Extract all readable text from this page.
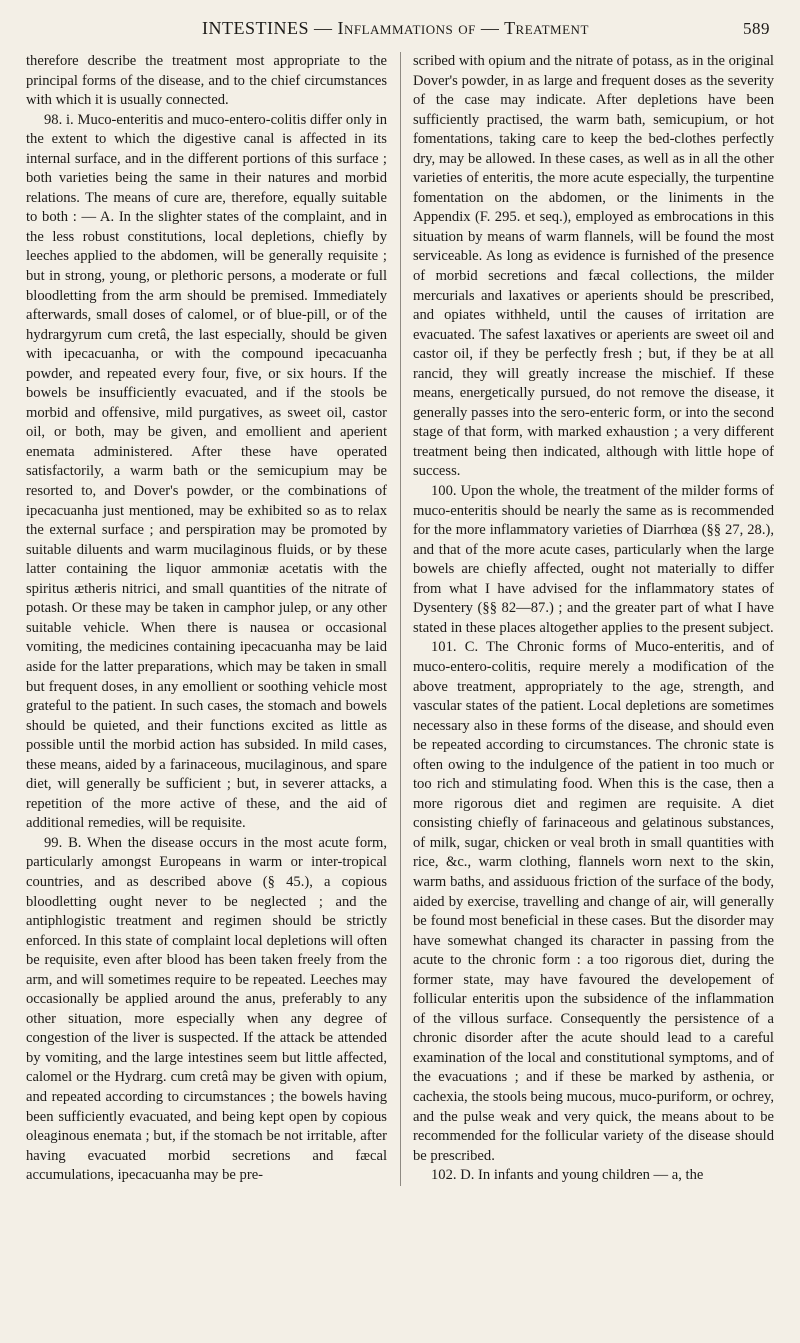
INTESTINES — Inflammations of — Treatment	589

therefore describe the treatment most appropriate to the principal forms of the disease, and to the chief circumstances with which it is usually connected.

98. i. Muco-enteritis and muco-entero-colitis differ only in the extent to which the digestive canal is affected in its internal surface, and in the different portions of this surface ; both varieties being the same in their natures and morbid relations. The means of cure are, therefore, equally suitable to both : — A. In the slighter states of the complaint, and in the less robust constitutions, local depletions, chiefly by leeches applied to the abdomen, will be generally requisite ; but in strong, young, or plethoric persons, a moderate or full bloodletting from the arm should be premised. Immediately afterwards, small doses of calomel, or of blue-pill, or of the hydrargyrum cum cretâ, the last especially, should be given with ipecacuanha, or with the compound ipecacuanha powder, and repeated every four, five, or six hours. If the bowels be insufficiently evacuated, and if the stools be morbid and offensive, mild purgatives, as sweet oil, castor oil, or both, may be given, and emollient and aperient enemata administered. After these have operated satisfactorily, a warm bath or the semicupium may be resorted to, and Dover's powder, or the combinations of ipecacuanha just mentioned, may be exhibited so as to relax the external surface ; and perspiration may be promoted by suitable diluents and warm mucilaginous fluids, or by these latter containing the liquor ammoniæ acetatis with the spiritus ætheris nitrici, and small quantities of the nitrate of potash. Or these may be taken in camphor julep, or any other suitable vehicle. When there is nausea or occasional vomiting, the medicines containing ipecacuanha may be laid aside for the latter preparations, which may be taken in small but frequent doses, in any emollient or soothing vehicle most grateful to the patient. In such cases, the stomach and bowels should be quieted, and their functions excited as little as possible until the morbid action has subsided. In mild cases, these means, aided by a farinaceous, mucilaginous, and spare diet, will generally be sufficient ; but, in severer attacks, a repetition of the more active of these, and the aid of additional remedies, will be requisite.

99. B. When the disease occurs in the most acute form, particularly amongst Europeans in warm or inter-tropical countries, and as described above (§ 45.), a copious bloodletting ought never to be neglected ; and the antiphlogistic treatment and regimen should be strictly enforced. In this state of complaint local depletions will often be requisite, even after blood has been taken freely from the arm, and will sometimes require to be repeated. Leeches may occasionally be applied around the anus, preferably to any other situation, more especially when any degree of congestion of the liver is suspected. If the attack be attended by vomiting, and the large intestines seem but little affected, calomel or the Hydrarg. cum cretâ may be given with opium, and repeated according to circumstances ; the bowels having been sufficiently evacuated, and being kept open by copious oleaginous enemata ; but, if the stomach be not irritable, after having evacuated morbid secretions and fæcal accumulations, ipecacuanha may be pre-

scribed with opium and the nitrate of potass, as in the original Dover's powder, in as large and frequent doses as the severity of the case may indicate. After depletions have been sufficiently practised, the warm bath, semicupium, or hot fomentations, taking care to keep the bed-clothes perfectly dry, may be allowed. In these cases, as well as in all the other varieties of enteritis, the more acute especially, the turpentine fomentation on the abdomen, or the liniments in the Appendix (F. 295. et seq.), employed as embrocations in this situation by means of warm flannels, will be found the most serviceable. As long as evidence is furnished of the presence of morbid secretions and fæcal collections, the milder mercurials and laxatives or aperients should be prescribed, and opiates withheld, until the causes of irritation are evacuated. The safest laxatives or aperients are sweet oil and castor oil, if they be perfectly fresh ; but, if they be at all rancid, they will greatly increase the mischief. If these means, energetically pursued, do not remove the disease, it generally passes into the sero-enteric form, or into the second stage of that form, with marked exhaustion ; a very different treatment being then indicated, although with little hope of success.

100. Upon the whole, the treatment of the milder forms of muco-enteritis should be nearly the same as is recommended for the more inflammatory varieties of Diarrhœa (§§ 27, 28.), and that of the more acute cases, particularly when the large bowels are chiefly affected, ought not materially to differ from what I have advised for the inflammatory states of Dysentery (§§ 82—87.) ; and the greater part of what I have stated in these places altogether applies to the present subject.

101. C. The Chronic forms of Muco-enteritis, and of muco-entero-colitis, require merely a modification of the above treatment, appropriately to the age, strength, and vascular states of the patient. Local depletions are sometimes necessary also in these forms of the disease, and should even be repeated according to circumstances. The chronic state is often owing to the indulgence of the patient in too much or too rich and stimulating food. When this is the case, then a more rigorous diet and regimen are requisite. A diet consisting chiefly of farinaceous and gelatinous substances, of milk, sugar, chicken or veal broth in small quantities with rice, &c., warm clothing, flannels worn next to the skin, warm baths, and assiduous friction of the surface of the body, aided by exercise, travelling and change of air, will generally be found most beneficial in these cases. But the disorder may have somewhat changed its character in passing from the acute to the chronic form : a too rigorous diet, during the former state, may have favoured the developement of follicular enteritis upon the subsidence of the inflammation of the villous surface. Consequently the persistence of a chronic disorder after the acute should lead to a careful examination of the local and constitutional symptoms, and of the evacuations ; and if these be marked by asthenia, or cachexia, the stools being mucous, muco-puriform, or ochrey, and the pulse weak and very quick, the means about to be recommended for the follicular variety of the disease should be prescribed.

102. D. In infants and young children — a, the
